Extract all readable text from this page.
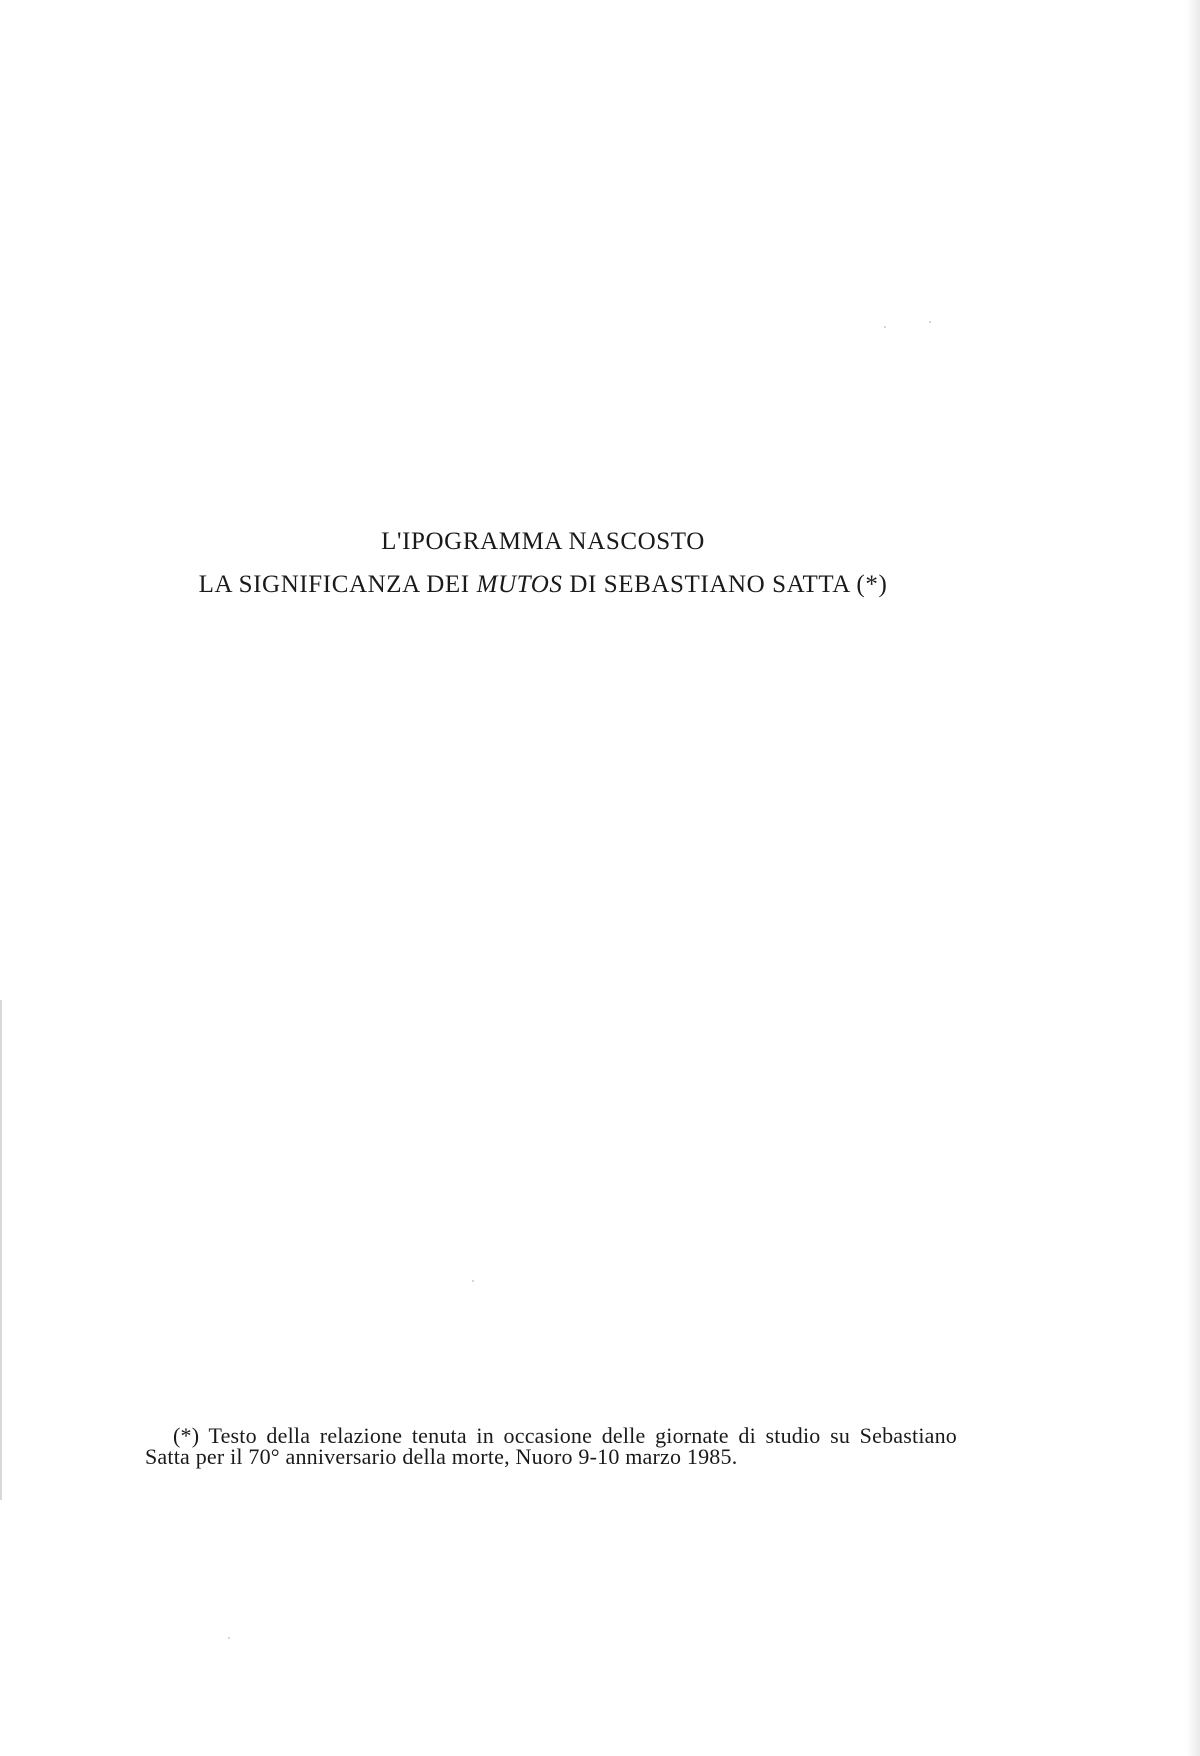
L'IPOGRAMMA NASCOSTO
LA SIGNIFICANZA DEI MUTOS DI SEBASTIANO SATTA (*)
(*) Testo della relazione tenuta in occasione delle giornate di studio su Sebastiano Satta per il 70° anniversario della morte, Nuoro 9-10 marzo 1985.
